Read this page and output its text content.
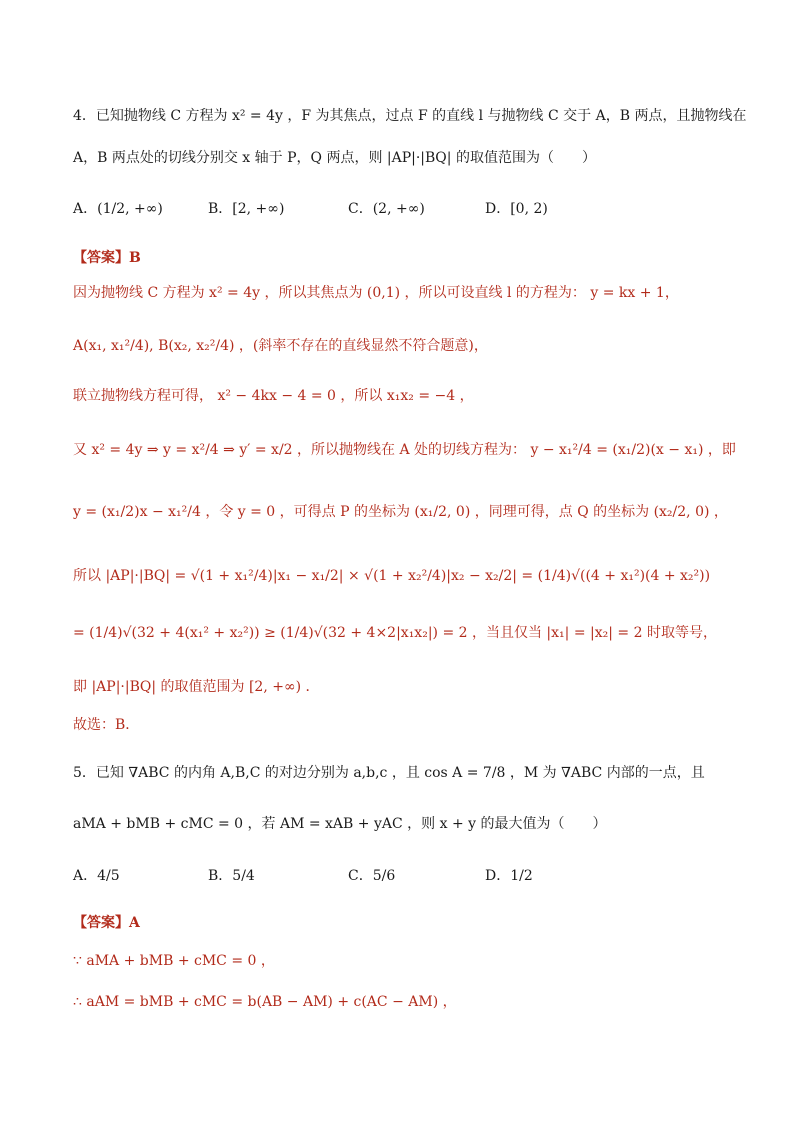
4．已知抛物线 C 方程为 x² = 4y ，F 为其焦点，过点 F 的直线 l 与抛物线 C 交于 A，B 两点，且抛物线在
A，B 两点处的切线分别交 x 轴于 P，Q 两点，则 |AP|·|BQ| 的取值范围为（　　）
A．(1/2, +∞)	B．[2, +∞)	C．(2, +∞)	D．[0, 2)
【答案】B
因为抛物线 C 方程为 x² = 4y ，所以其焦点为 (0,1) ，所以可设直线 l 的方程为： y = kx + 1，
A(x₁, x₁²/4), B(x₂, x₂²/4) ，(斜率不存在的直线显然不符合题意)，
联立抛物线方程可得， x² − 4kx − 4 = 0 ，所以 x₁x₂ = −4 ，
又 x² = 4y ⇒ y = x²/4 ⇒ y′ = x/2 ，所以抛物线在 A 处的切线方程为： y − x₁²/4 = (x₁/2)(x − x₁) ，即
y = (x₁/2)x − x₁²/4 ，令 y = 0 ，可得点 P 的坐标为 (x₁/2, 0) ，同理可得，点 Q 的坐标为 (x₂/2, 0) ，
所以 |AP|·|BQ| = √(1 + x₁²/4)|x₁ − x₁/2| × √(1 + x₂²/4)|x₂ − x₂/2| = (1/4)√((4 + x₁²)(4 + x₂²))
= (1/4)√(32 + 4(x₁² + x₂²)) ≥ (1/4)√(32 + 4×2|x₁x₂|) = 2 ，当且仅当 |x₁| = |x₂| = 2 时取等号，
即 |AP|·|BQ| 的取值范围为 [2, +∞) ．
故选：B．
5．已知 ∇ABC 的内角 A,B,C 的对边分别为 a,b,c ，且 cos A = 7/8 ，M 为 ∇ABC 内部的一点，且
aMA + bMB + cMC = 0 ，若 AM = xAB + yAC ，则 x + y 的最大值为（　　）
A．4/5	B．5/4	C．5/6	D．1/2
【答案】A
∵ aMA + bMB + cMC = 0 ，
∴ aAM = bMB + cMC = b(AB − AM) + c(AC − AM) ，
